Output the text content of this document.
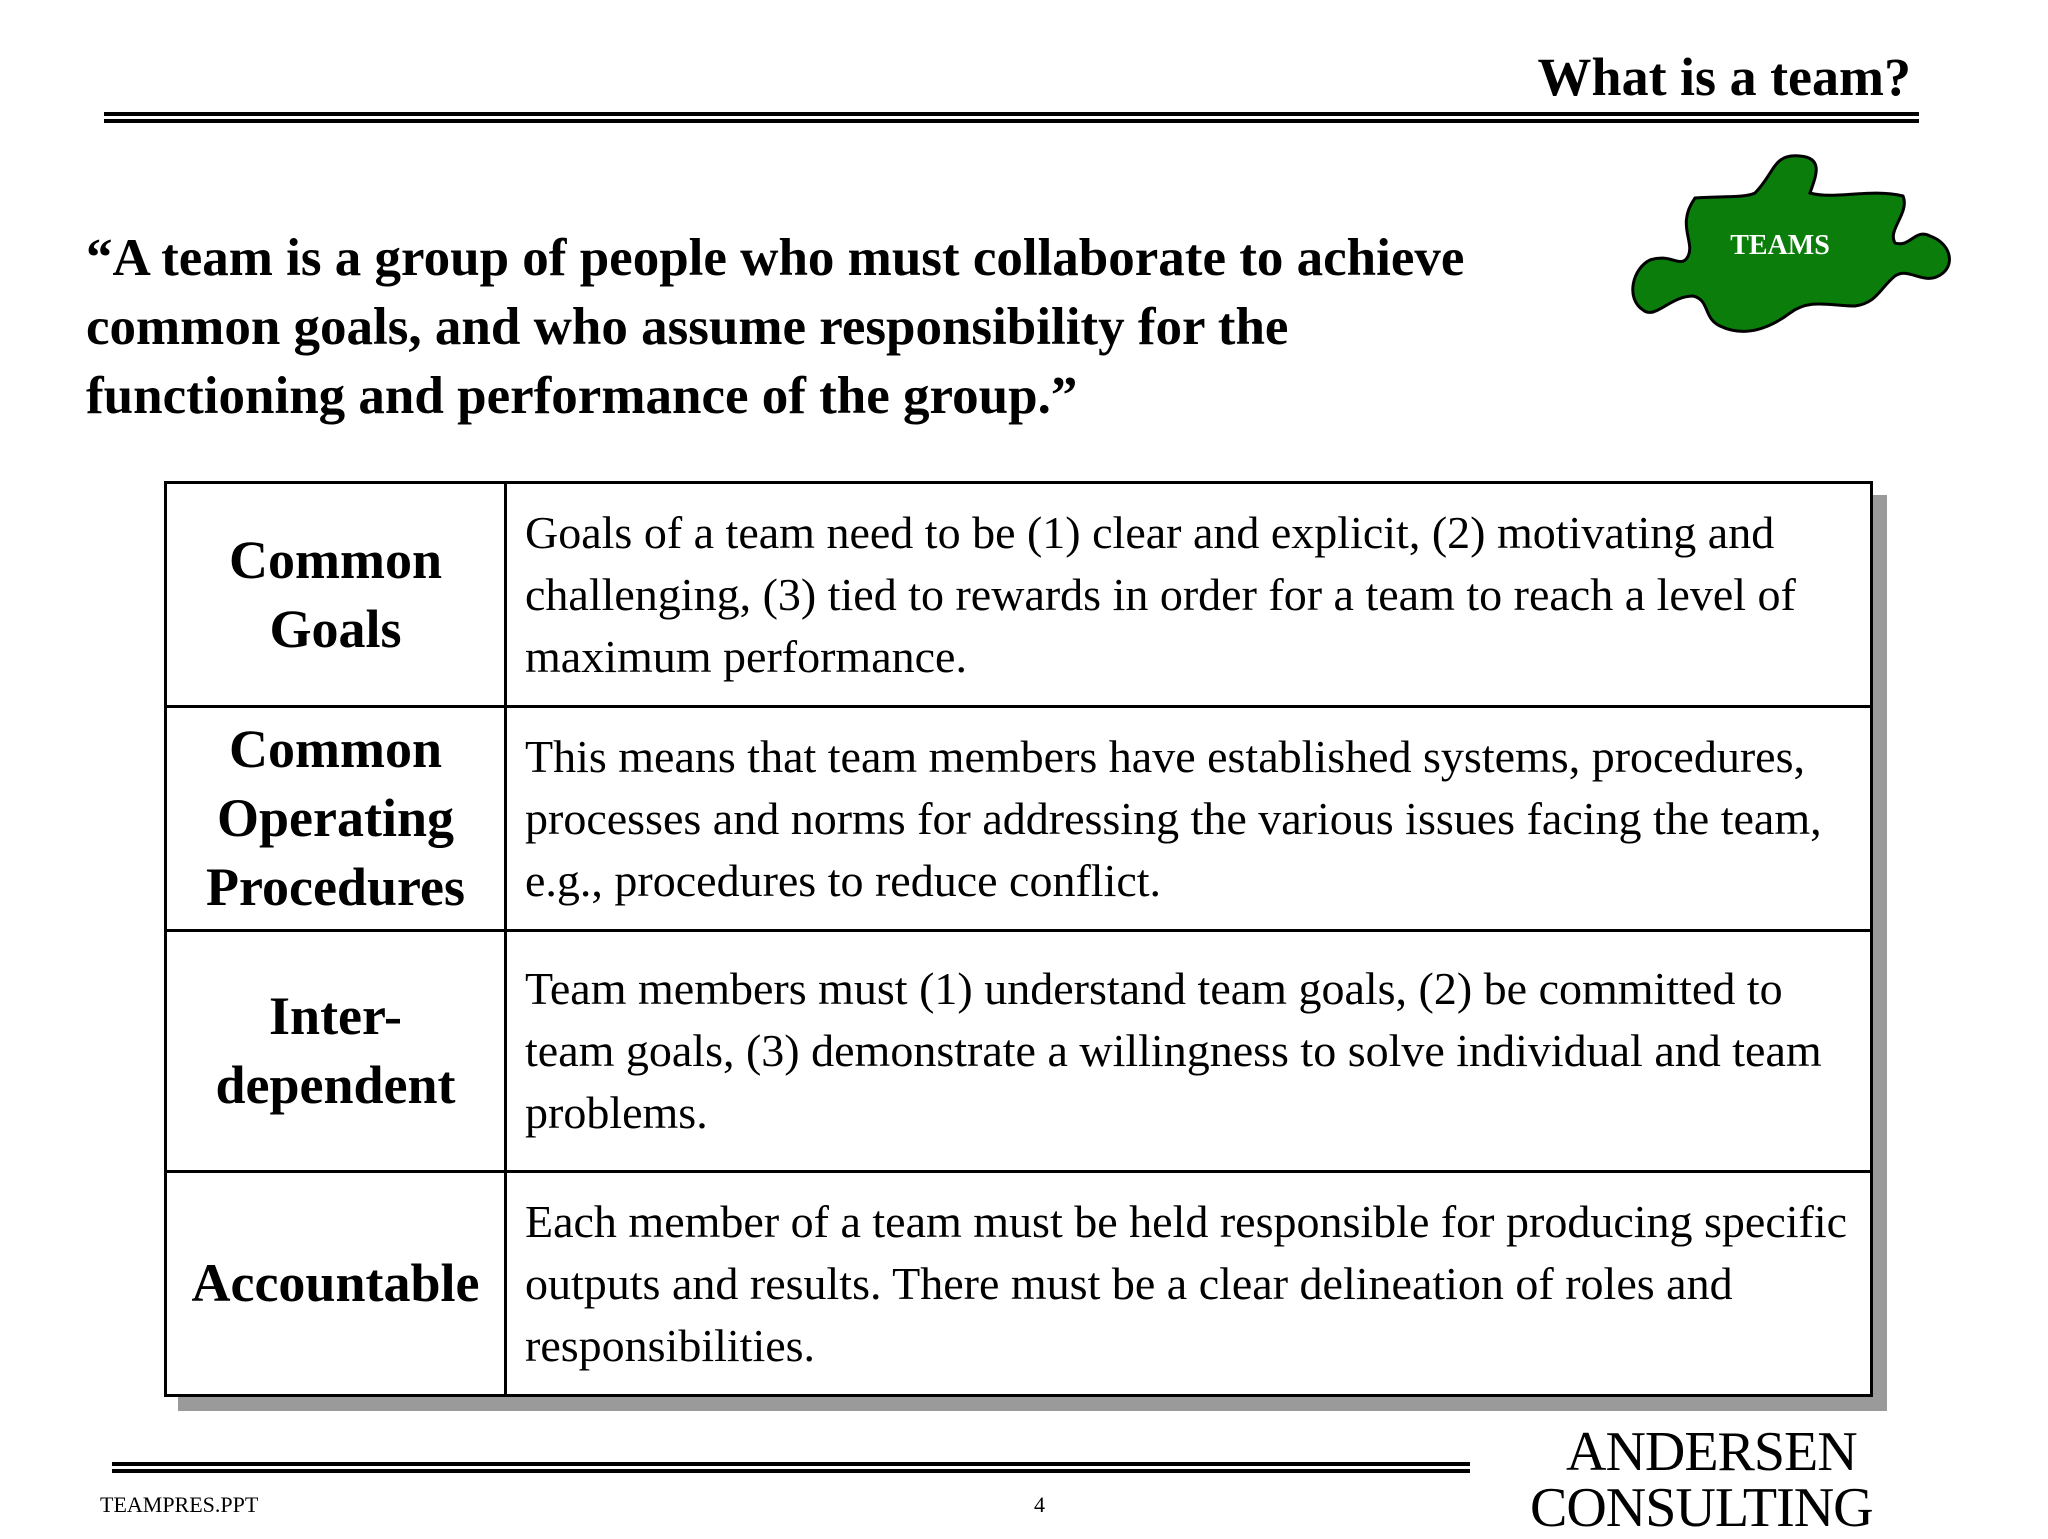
What is a team?
“A team is a group of people who must collaborate to achieve common goals, and who assume responsibility for the functioning and performance of the group.”
TEAMS
Common Goals
Goals of a team need to be (1) clear and explicit, (2) motivating and challenging, (3) tied to rewards in order for a team to reach a level of maximum performance.
Common Operating Procedures
This means that team members have established systems, procedures, processes and norms for addressing the various issues facing the team, e.g., procedures to reduce conflict.
Inter-dependent
Team members must (1) understand team goals, (2) be committed to team goals, (3) demonstrate a willingness to solve individual and team problems.
Accountable
Each member of a team must be held responsible for producing specific outputs and results. There must be a clear delineation of roles and responsibilities.
TEAMPRES.PPT	4
ANDERSEN
CONSULTING
